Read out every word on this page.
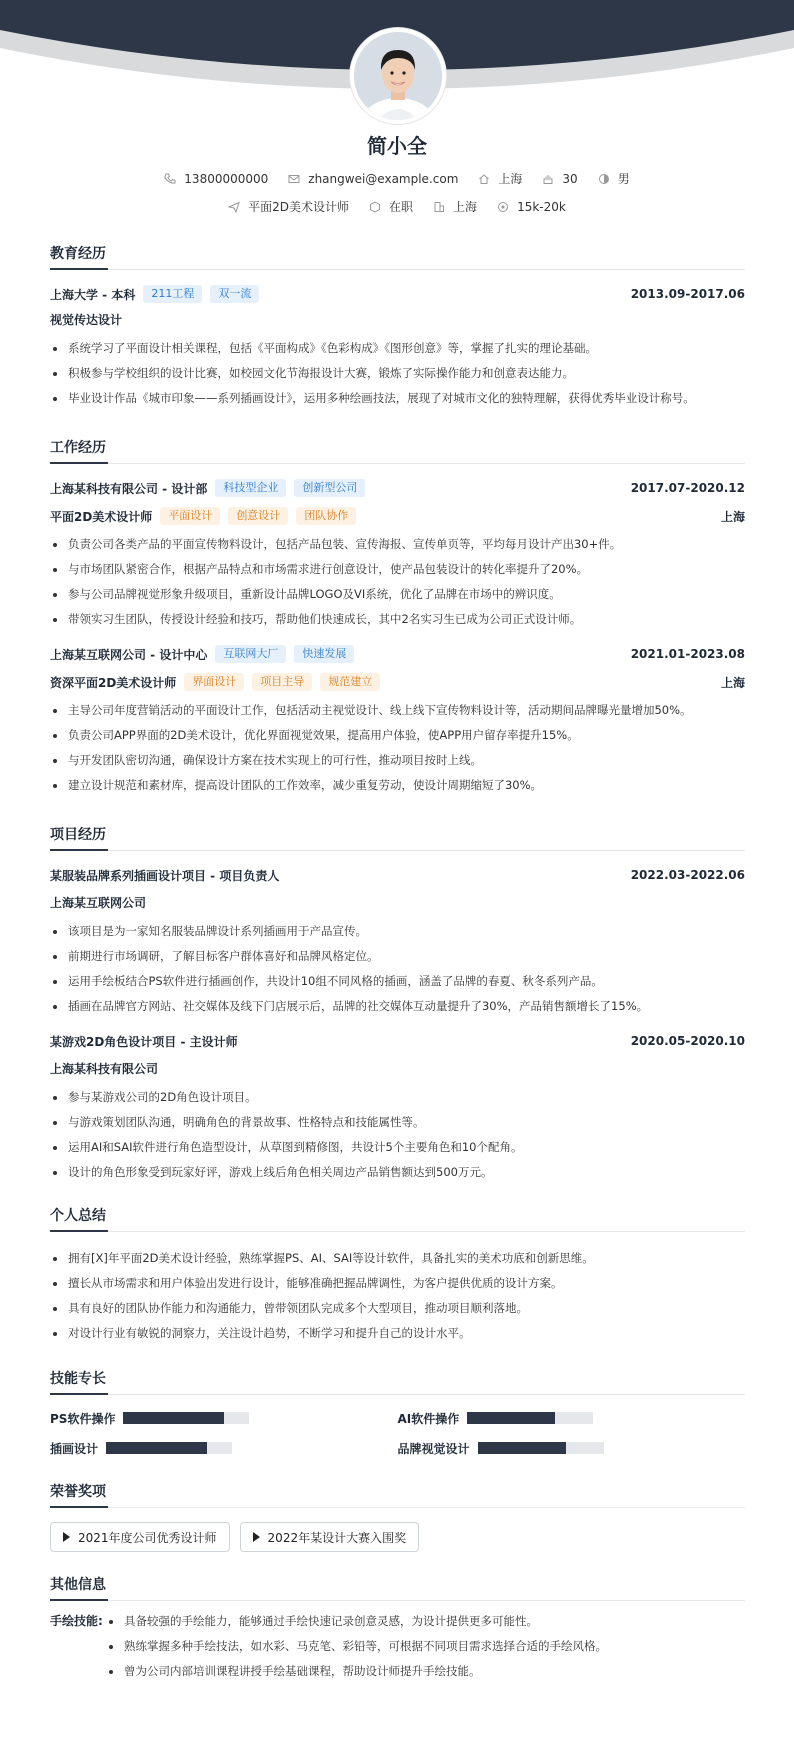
简小全
13800000000	zhangwei@example.com	上海	30	男
平面2D美术设计师	在职	上海	15k-20k
教育经历
上海大学 - 本科	211工程	双一流	2013.09-2017.06
视觉传达设计
系统学习了平面设计相关课程，包括《平面构成》《色彩构成》《图形创意》等，掌握了扎实的理论基础。
积极参与学校组织的设计比赛，如校园文化节海报设计大赛，锻炼了实际操作能力和创意表达能力。
毕业设计作品《城市印象——系列插画设计》，运用多种绘画技法，展现了对城市文化的独特理解，获得优秀毕业设计称号。
工作经历
上海某科技有限公司 - 设计部	科技型企业	创新型公司	2017.07-2020.12
平面2D美术设计师	平面设计	创意设计	团队协作	上海
负责公司各类产品的平面宣传物料设计，包括产品包装、宣传海报、宣传单页等，平均每月设计产出30+件。
与市场团队紧密合作，根据产品特点和市场需求进行创意设计，使产品包装设计的转化率提升了20%。
参与公司品牌视觉形象升级项目，重新设计品牌LOGO及VI系统，优化了品牌在市场中的辨识度。
带领实习生团队，传授设计经验和技巧，帮助他们快速成长，其中2名实习生已成为公司正式设计师。
上海某互联网公司 - 设计中心	互联网大厂	快速发展	2021.01-2023.08
资深平面2D美术设计师	界面设计	项目主导	规范建立	上海
主导公司年度营销活动的平面设计工作，包括活动主视觉设计、线上线下宣传物料设计等，活动期间品牌曝光量增加50%。
负责公司APP界面的2D美术设计，优化界面视觉效果，提高用户体验，使APP用户留存率提升15%。
与开发团队密切沟通，确保设计方案在技术实现上的可行性，推动项目按时上线。
建立设计规范和素材库，提高设计团队的工作效率，减少重复劳动，使设计周期缩短了30%。
项目经历
某服装品牌系列插画设计项目 - 项目负责人	2022.03-2022.06
上海某互联网公司
该项目是为一家知名服装品牌设计系列插画用于产品宣传。
前期进行市场调研，了解目标客户群体喜好和品牌风格定位。
运用手绘板结合PS软件进行插画创作，共设计10组不同风格的插画，涵盖了品牌的春夏、秋冬系列产品。
插画在品牌官方网站、社交媒体及线下门店展示后，品牌的社交媒体互动量提升了30%，产品销售额增长了15%。
某游戏2D角色设计项目 - 主设计师	2020.05-2020.10
上海某科技有限公司
参与某游戏公司的2D角色设计项目。
与游戏策划团队沟通，明确角色的背景故事、性格特点和技能属性等。
运用AI和SAI软件进行角色造型设计，从草图到精修图，共设计5个主要角色和10个配角。
设计的角色形象受到玩家好评，游戏上线后角色相关周边产品销售额达到500万元。
个人总结
拥有[X]年平面2D美术设计经验，熟练掌握PS、AI、SAI等设计软件，具备扎实的美术功底和创新思维。
擅长从市场需求和用户体验出发进行设计，能够准确把握品牌调性，为客户提供优质的设计方案。
具有良好的团队协作能力和沟通能力，曾带领团队完成多个大型项目，推动项目顺利落地。
对设计行业有敏锐的洞察力，关注设计趋势，不断学习和提升自己的设计水平。
技能专长
PS软件操作	AI软件操作
插画设计	品牌视觉设计
荣誉奖项
2021年度公司优秀设计师	2022年某设计大赛入围奖
其他信息
手绘技能:	具备较强的手绘能力，能够通过手绘快速记录创意灵感，为设计提供更多可能性。
熟练掌握多种手绘技法，如水彩、马克笔、彩铅等，可根据不同项目需求选择合适的手绘风格。
曾为公司内部培训课程讲授手绘基础课程，帮助设计师提升手绘技能。
